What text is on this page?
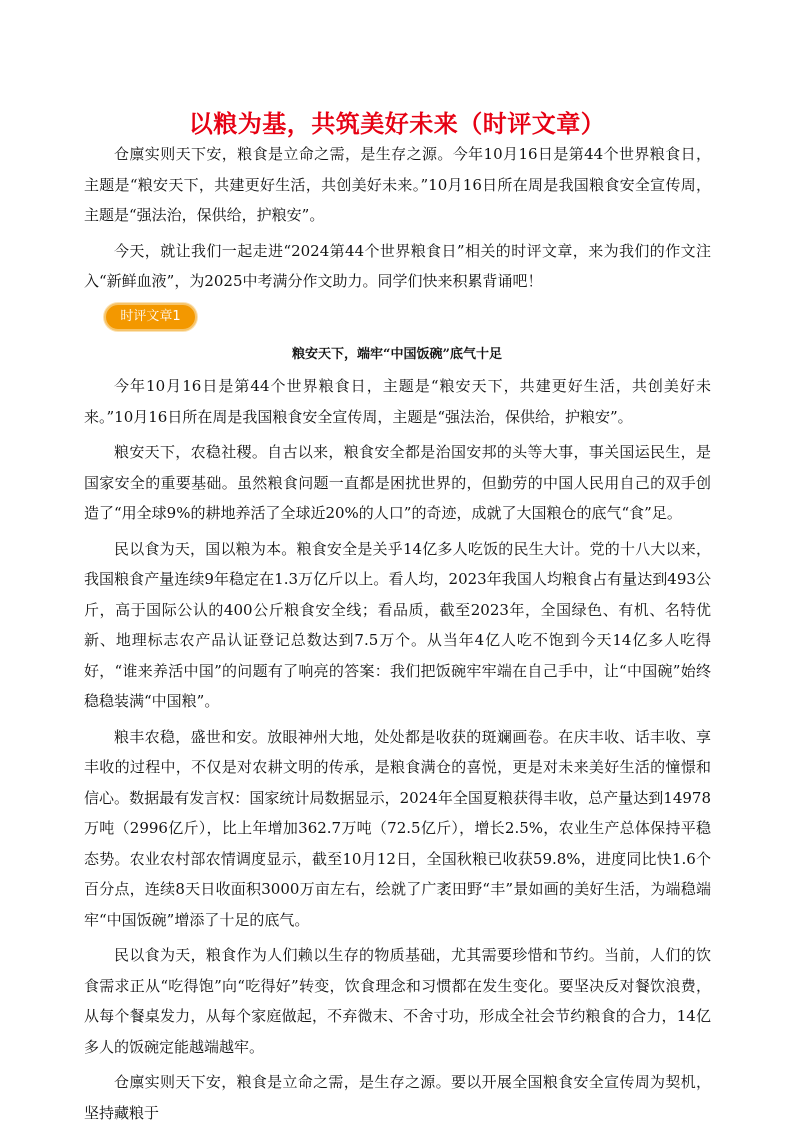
以粮为基，共筑美好未来（时评文章）

仓廪实则天下安，粮食是立命之需，是生存之源。今年10月16日是第44个世界粮食日，主题是“粮安天下，共建更好生活，共创美好未来。”10月16日所在周是我国粮食安全宣传周，主题是“强法治，保供给，护粮安”。

今天，就让我们一起走进“2024第44个世界粮食日”相关的时评文章，来为我们的作文注入“新鲜血液”，为2025中考满分作文助力。同学们快来积累背诵吧！

时评文章1
粮安天下，端牢“中国饭碗”底气十足

今年10月16日是第44个世界粮食日，主题是“粮安天下，共建更好生活，共创美好未来。”10月16日所在周是我国粮食安全宣传周，主题是“强法治，保供给，护粮安”。

粮安天下，农稳社稷。自古以来，粮食安全都是治国安邦的头等大事，事关国运民生，是国家安全的重要基础。虽然粮食问题一直都是困扰世界的，但勤劳的中国人民用自己的双手创造了“用全球9%的耕地养活了全球近20%的人口”的奇迹，成就了大国粮仓的底气“食”足。

民以食为天，国以粮为本。粮食安全是关乎14亿多人吃饭的民生大计。党的十八大以来，我国粮食产量连续9年稳定在1.3万亿斤以上。看人均，2023年我国人均粮食占有量达到493公斤，高于国际公认的400公斤粮食安全线；看品质，截至2023年，全国绿色、有机、名特优新、地理标志农产品认证登记总数达到7.5万个。从当年4亿人吃不饱到今天14亿多人吃得好，“谁来养活中国”的问题有了响亮的答案：我们把饭碗牢牢端在自己手中，让“中国碗”始终稳稳装满“中国粮”。

粮丰农稳，盛世和安。放眼神州大地，处处都是收获的斑斓画卷。在庆丰收、话丰收、享丰收的过程中，不仅是对农耕文明的传承，是粮食满仓的喜悦，更是对未来美好生活的憧憬和信心。数据最有发言权：国家统计局数据显示，2024年全国夏粮获得丰收，总产量达到14978万吨（2996亿斤），比上年增加362.7万吨（72.5亿斤），增长2.5%，农业生产总体保持平稳态势。农业农村部农情调度显示，截至10月12日，全国秋粮已收获59.8%，进度同比快1.6个百分点，连续8天日收面积3000万亩左右，绘就了广袤田野“丰”景如画的美好生活，为端稳端牢“中国饭碗”增添了十足的底气。

民以食为天，粮食作为人们赖以生存的物质基础，尤其需要珍惜和节约。当前，人们的饮食需求正从“吃得饱”向“吃得好”转变，饮食理念和习惯都在发生变化。要坚决反对餐饮浪费，从每个餐桌发力，从每个家庭做起，不弃微末、不舍寸功，形成全社会节约粮食的合力，14亿多人的饭碗定能越端越牢。

仓廪实则天下安，粮食是立命之需，是生存之源。要以开展全国粮食安全宣传周为契机，坚持藏粮于
